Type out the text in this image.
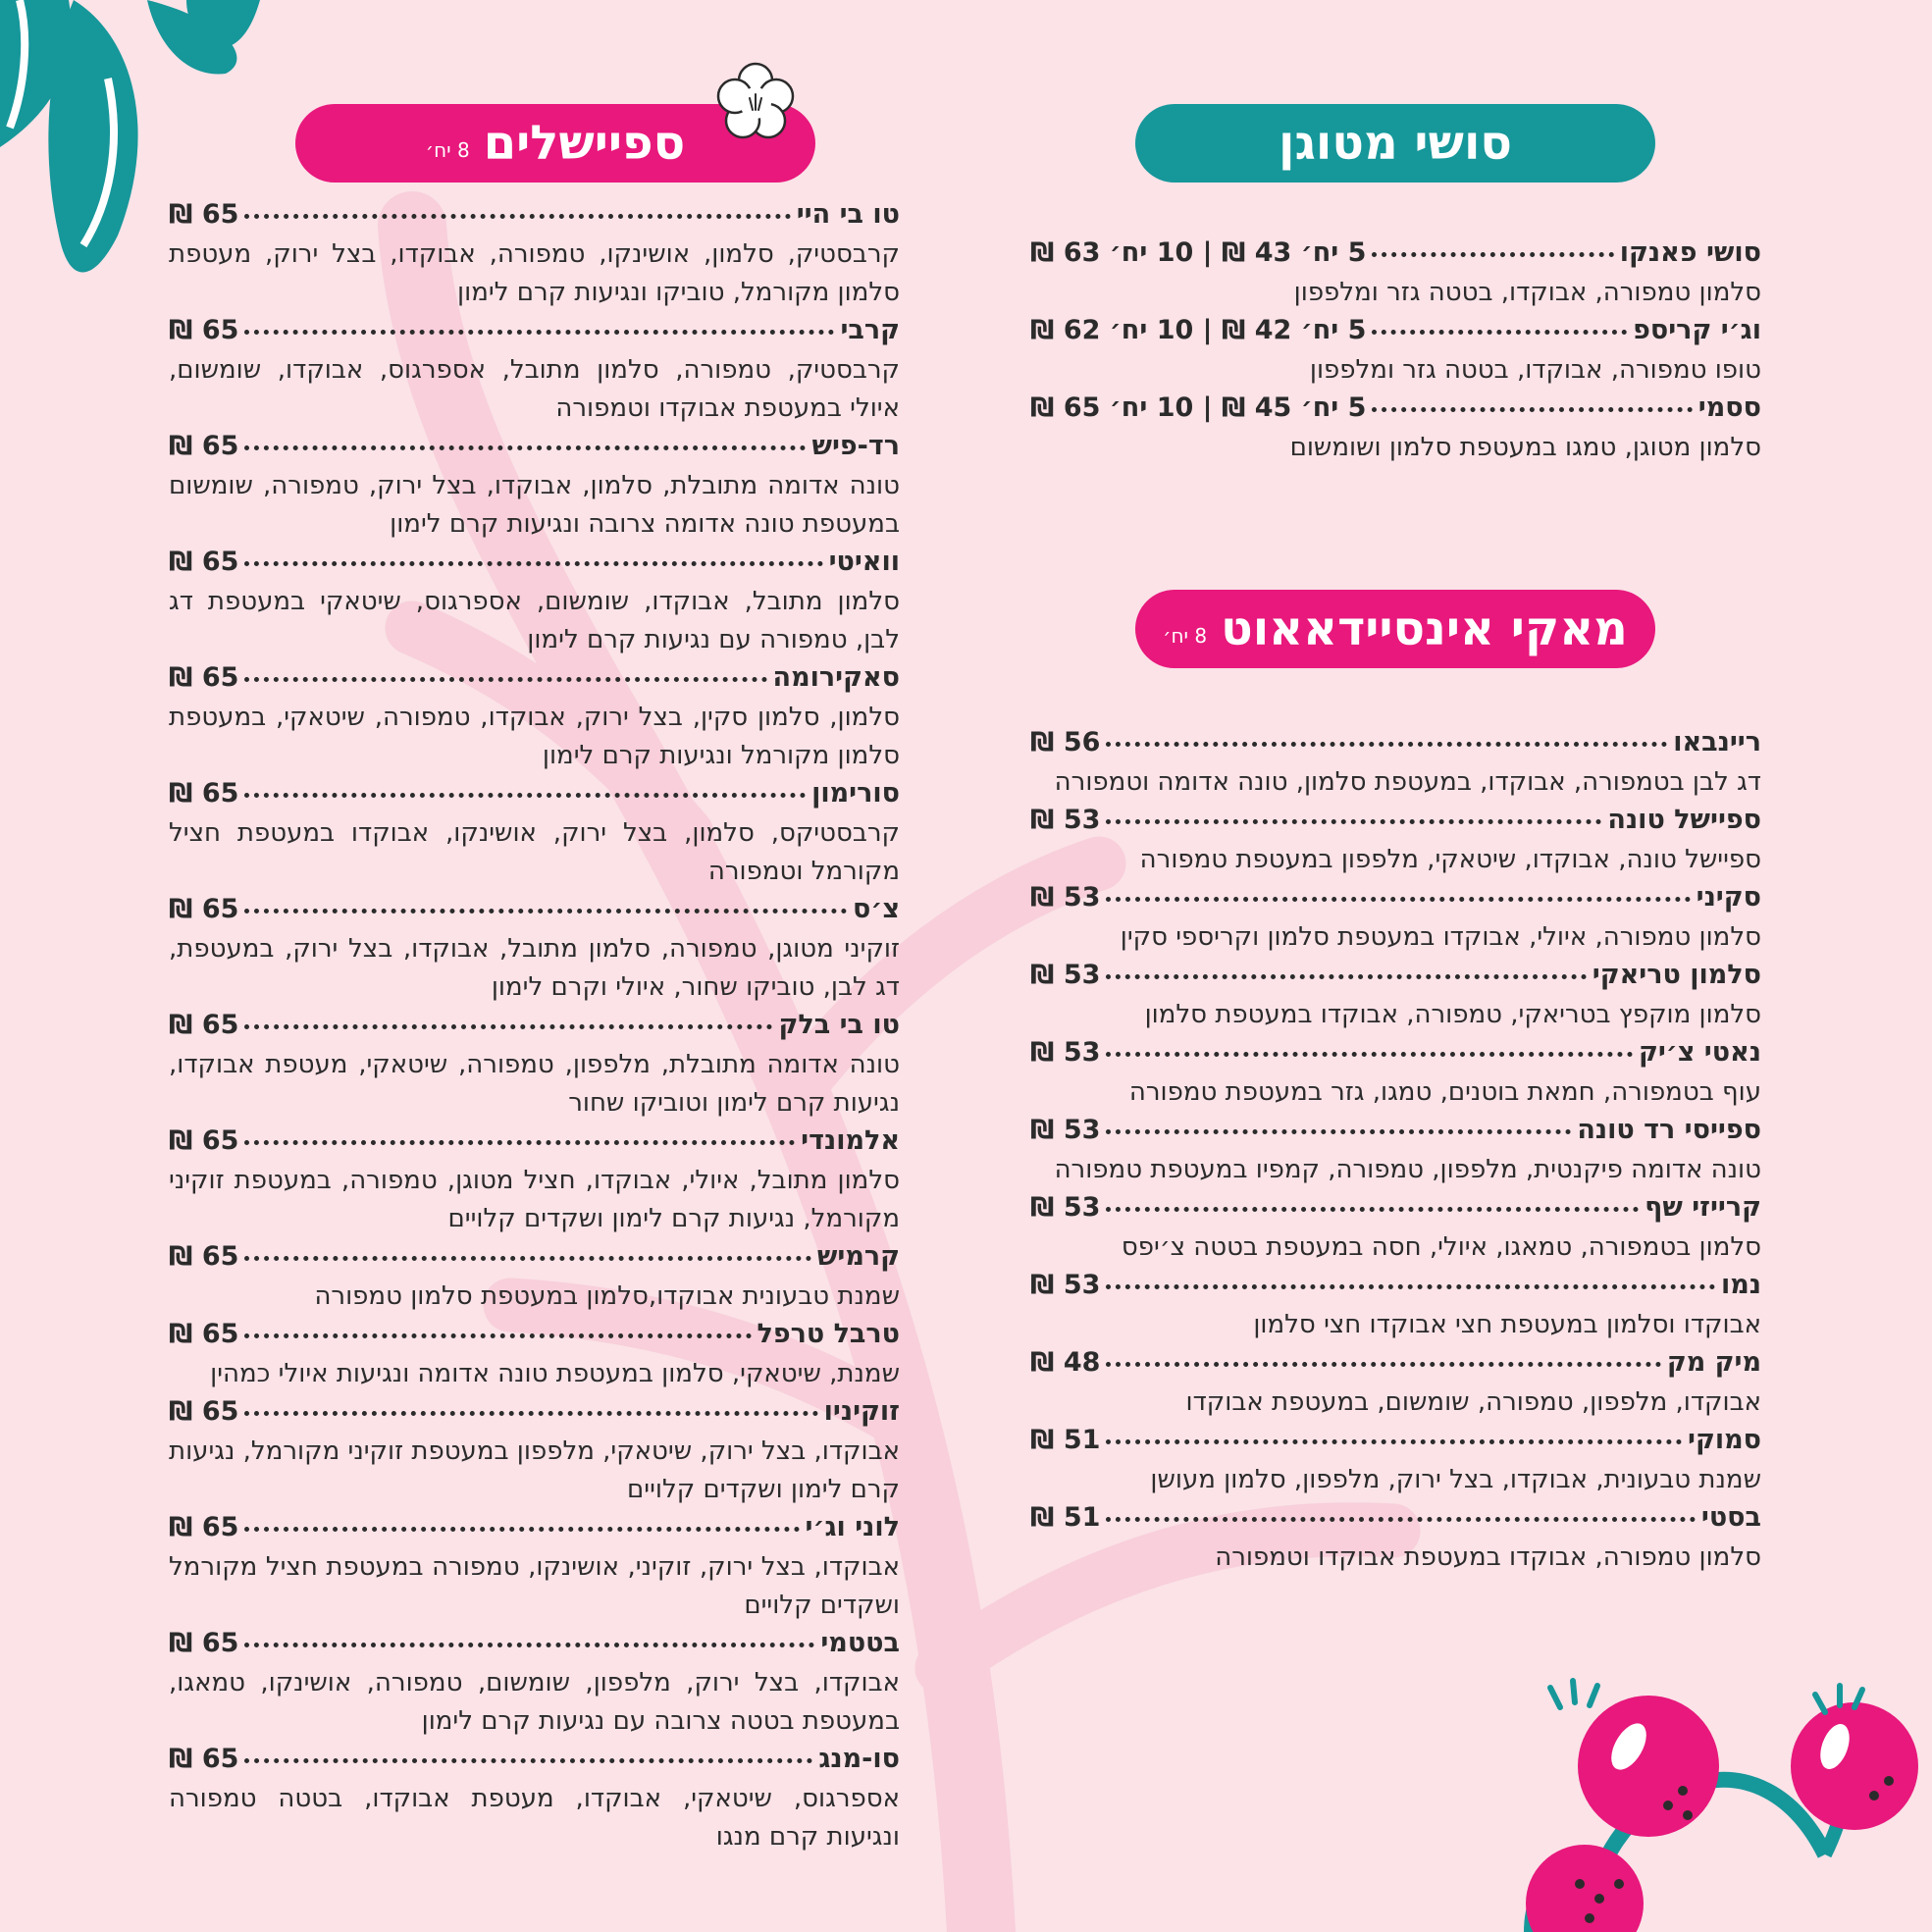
סושי מטוגן
ספיישלים
8 יח׳
מאקי אינסיידאאוט
8 יח׳
סושי פאנקו
5 יח׳ 43 ₪ | 10 יח׳ 63 ₪
סלמון טמפורה, אבוקדו, בטטה גזר ומלפפון
וג׳י קריספ
5 יח׳ 42 ₪ | 10 יח׳ 62 ₪
טופו טמפורה, אבוקדו, בטטה גזר ומלפפון
ססמי
5 יח׳ 45 ₪ | 10 יח׳ 65 ₪
סלמון מטוגן, טמגו במעטפת סלמון ושומשום
ריינבאו
56 ₪
דג לבן בטמפורה, אבוקדו, במעטפת סלמון, טונה אדומה וטמפורה
ספיישל טונה
53 ₪
ספיישל טונה, אבוקדו, שיטאקי, מלפפון במעטפת טמפורה
סקיני
53 ₪
סלמון טמפורה, איולי, אבוקדו במעטפת סלמון וקריספי סקין
סלמון טריאקי
53 ₪
סלמון מוקפץ בטריאקי, טמפורה, אבוקדו במעטפת סלמון
נאטי צ׳יק
53 ₪
עוף בטמפורה, חמאת בוטנים, טמגו, גזר במעטפת טמפורה
ספייסי רד טונה
53 ₪
טונה אדומה פיקנטית, מלפפון, טמפורה, קמפיו במעטפת טמפורה
קרייזי שף
53 ₪
סלמון בטמפורה, טמאגו, איולי, חסה במעטפת בטטה צ׳יפס
נמו
53 ₪
אבוקדו וסלמון במעטפת חצי אבוקדו חצי סלמון
מיק מק
48 ₪
אבוקדו, מלפפון, טמפורה, שומשום, במעטפת אבוקדו
סמוקי
51 ₪
שמנת טבעונית, אבוקדו, בצל ירוק, מלפפון, סלמון מעושן
בסטי
51 ₪
סלמון טמפורה, אבוקדו במעטפת אבוקדו וטמפורה
טו בי היי
65 ₪
קרבסטיק, סלמון, אושינקו, טמפורה, אבוקדו, בצל ירוק, מעטפת סלמון מקורמל, טוביקו ונגיעות קרם לימון
קרבי
65 ₪
קרבסטיק, טמפורה, סלמון מתובל, אספרגוס, אבוקדו, שומשום, איולי במעטפת אבוקדו וטמפורה
רד-פיש
65 ₪
טונה אדומה מתובלת, סלמון, אבוקדו, בצל ירוק, טמפורה, שומשום במעטפת טונה אדומה צרובה ונגיעות קרם לימון
וואיטי
65 ₪
סלמון מתובל, אבוקדו, שומשום, אספרגוס, שיטאקי במעטפת דג לבן, טמפורה עם נגיעות קרם לימון
סאקירומה
65 ₪
סלמון, סלמון סקין, בצל ירוק, אבוקדו, טמפורה, שיטאקי, במעטפת סלמון מקורמל ונגיעות קרם לימון
סורימון
65 ₪
קרבסטיקס, סלמון, בצל ירוק, אושינקו, אבוקדו במעטפת חציל מקורמל וטמפורה
צ׳ס
65 ₪
זוקיני מטוגן, טמפורה, סלמון מתובל, אבוקדו, בצל ירוק, במעטפת, דג לבן, טוביקו שחור, איולי וקרם לימון
טו בי בלק
65 ₪
טונה אדומה מתובלת, מלפפון, טמפורה, שיטאקי, מעטפת אבוקדו, נגיעות קרם לימון וטוביקו שחור
אלמונדי
65 ₪
סלמון מתובל, איולי, אבוקדו, חציל מטוגן, טמפורה, במעטפת זוקיני מקורמל, נגיעות קרם לימון ושקדים קלויים
קרמיש
65 ₪
שמנת טבעונית אבוקדו,סלמון במעטפת סלמון טמפורה
טרבל טרפל
65 ₪
שמנת, שיטאקי, סלמון במעטפת טונה אדומה ונגיעות איולי כמהין
זוקיניו
65 ₪
אבוקדו, בצל ירוק, שיטאקי, מלפפון במעטפת זוקיני מקורמל, נגיעות קרם לימון ושקדים קלויים
לוני וג׳י
65 ₪
אבוקדו, בצל ירוק, זוקיני, אושינקו, טמפורה במעטפת חציל מקורמל ושקדים קלויים
בטטמי
65 ₪
אבוקדו, בצל ירוק, מלפפון, שומשום, טמפורה, אושינקו, טמאגו, במעטפת בטטה צרובה עם נגיעות קרם לימון
סו-מנג
65 ₪
אספרגוס, שיטאקי, אבוקדו, מעטפת אבוקדו, בטטה טמפורה ונגיעות קרם מנגו
